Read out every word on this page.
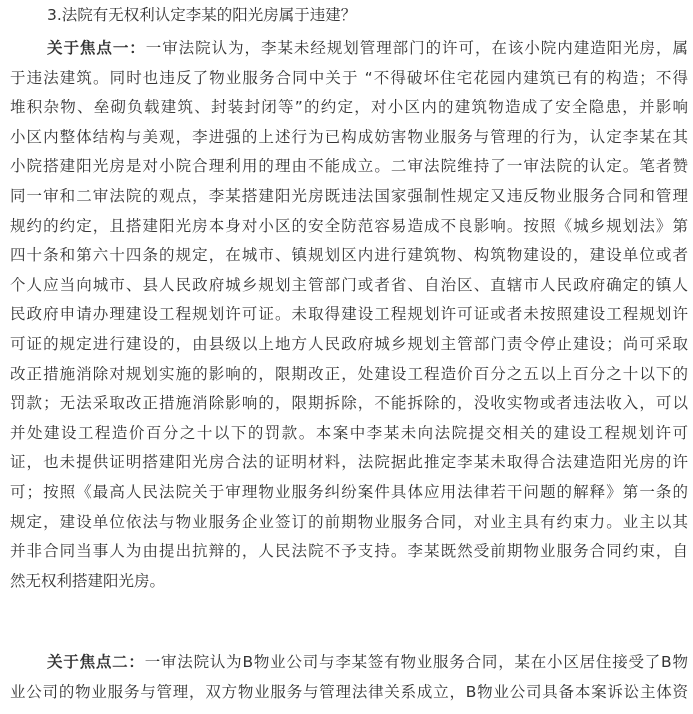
3.法院有无权利认定李某的阳光房属于违建？
关于焦点一：一审法院认为，李某未经规划管理部门的许可，在该小院内建造阳光房，属
于违法建筑。同时也违反了物业服务合同中关于 “不得破坏住宅花园内建筑已有的构造；不得
堆积杂物、垒砌负载建筑、封装封闭等”的约定，对小区内的建筑物造成了安全隐患，并影响
小区内整体结构与美观，李进强的上述行为已构成妨害物业服务与管理的行为，认定李某在其
小院搭建阳光房是对小院合理利用的理由不能成立。二审法院维持了一审法院的认定。笔者赞
同一审和二审法院的观点，李某搭建阳光房既违法国家强制性规定又违反物业服务合同和管理
规约的约定，且搭建阳光房本身对小区的安全防范容易造成不良影响。按照《城乡规划法》第
四十条和第六十四条的规定，在城市、镇规划区内进行建筑物、构筑物建设的，建设单位或者
个人应当向城市、县人民政府城乡规划主管部门或者省、自治区、直辖市人民政府确定的镇人
民政府申请办理建设工程规划许可证。未取得建设工程规划许可证或者未按照建设工程规划许
可证的规定进行建设的，由县级以上地方人民政府城乡规划主管部门责令停止建设；尚可采取
改正措施消除对规划实施的影响的，限期改正，处建设工程造价百分之五以上百分之十以下的
罚款；无法采取改正措施消除影响的，限期拆除，不能拆除的，没收实物或者违法收入，可以
并处建设工程造价百分之十以下的罚款。本案中李某未向法院提交相关的建设工程规划许可
证，也未提供证明搭建阳光房合法的证明材料，法院据此推定李某未取得合法建造阳光房的许
可；按照《最高人民法院关于审理物业服务纠纷案件具体应用法律若干问题的解释》第一条的
规定，建设单位依法与物业服务企业签订的前期物业服务合同，对业主具有约束力。业主以其
并非合同当事人为由提出抗辩的，人民法院不予支持。李某既然受前期物业服务合同约束，自
然无权利搭建阳光房。
关于焦点二：一审法院认为B物业公司与李某签有物业服务合同，某在小区居住接受了B物
业公司的物业服务与管理，双方物业服务与管理法律关系成立，B物业公司具备本案诉讼主体资
